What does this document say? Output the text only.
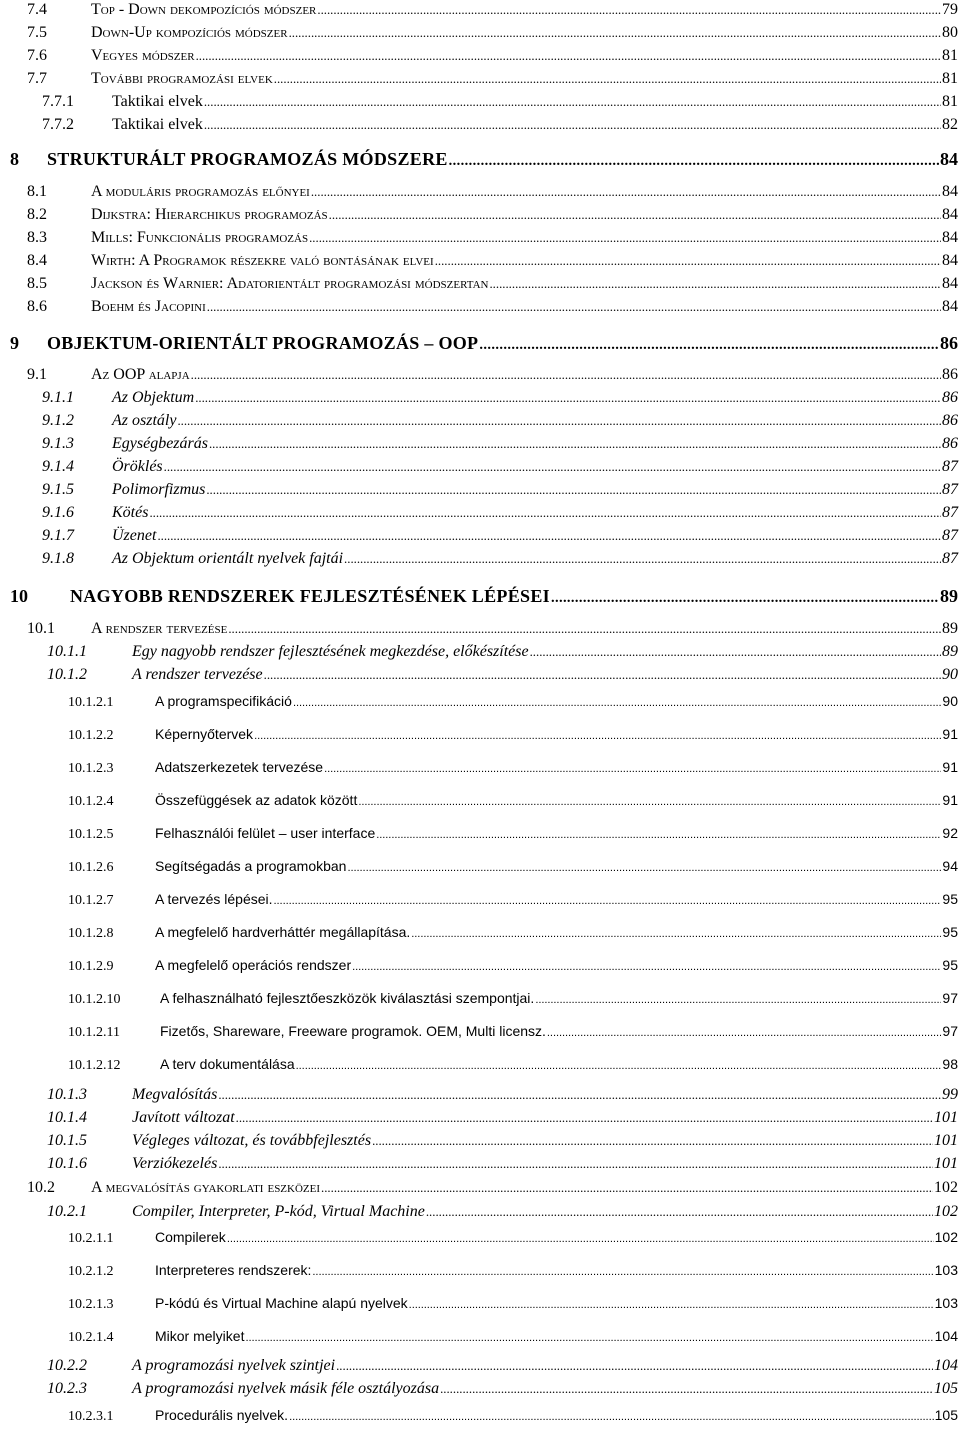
7.4	Top - Down dekompozíciós módszer . . .	79
7.5	Down-Up kompozíciós módszer . . .	80
7.6	Vegyes módszer . . .	81
7.7	További programozási elvek . . .	81
7.7.1	Taktikai elvek . . .	81
7.7.2	Taktikai elvek . . .	82
8	STRUKTURÁLT PROGRAMOZÁS MÓDSZERE . . .	84
8.1	A moduláris programozás előnyei . . .	84
8.2	Dijkstra: Hierarchikus programozás . . .	84
8.3	Mills: Funkcionális programozás . . .	84
8.4	Wirth: A Programok részekre való bontásának elvei . . .	84
8.5	Jackson és Warnier: Adatorientált programozási módszertan . . .	84
8.6	Boehm és Jacopini . . .	84
9	OBJEKTUM-ORIENTÁLT PROGRAMOZÁS – OOP . . .	86
9.1	Az OOP alapja . . .	86
9.1.1	Az Objektum . . .	86
9.1.2	Az osztály . . .	86
9.1.3	Egységbezárás . . .	86
9.1.4	Öröklés . . .	87
9.1.5	Polimorfizmus . . .	87
9.1.6	Kötés . . .	87
9.1.7	Üzenet . . .	87
9.1.8	Az Objektum orientált nyelvek fajtái . . .	87
10	NAGYOBB RENDSZEREK FEJLESZTÉSÉNEK LÉPÉSEI . . .	89
10.1	A rendszer tervezése . . .	89
10.1.1	Egy nagyobb rendszer fejlesztésének megkezdése, előkészítése . . .	89
10.1.2	A rendszer tervezése . . .	90
10.1.2.1	A programspecifikáció . . .	90
10.1.2.2	Képernyőtervek . . .	91
10.1.2.3	Adatszerkezetek tervezése . . .	91
10.1.2.4	Összefüggések az adatok között . . .	91
10.1.2.5	Felhasználói felület – user interface . . .	92
10.1.2.6	Segítségadás a programokban . . .	94
10.1.2.7	A tervezés lépései. . . .	95
10.1.2.8	A megfelelő hardverháttér megállapítása. . . .	95
10.1.2.9	A megfelelő operációs rendszer . . .	95
10.1.2.10	A felhasználható fejlesztőeszközök kiválasztási szempontjai. . . .	97
10.1.2.11	Fizetős, Shareware, Freeware programok. OEM, Multi licensz. . . .	97
10.1.2.12	A terv dokumentálása . . .	98
10.1.3	Megvalósítás . . .	99
10.1.4	Javított változat . . .	101
10.1.5	Végleges változat, és továbbfejlesztés . . .	101
10.1.6	Verziókezelés . . .	101
10.2	A megvalósítás gyakorlati eszközei . . .	102
10.2.1	Compiler, Interpreter, P-kód, Virtual Machine . . .	102
10.2.1.1	Compilerek . . .	102
10.2.1.2	Interpreteres rendszerek: . . .	103
10.2.1.3	P-kódú és Virtual Machine alapú nyelvek . . .	103
10.2.1.4	Mikor melyiket . . .	104
10.2.2	A programozási nyelvek szintjei . . .	104
10.2.3	A programozási nyelvek másik féle osztályozása . . .	105
10.2.3.1	Procedurális nyelvek. . . .	105
